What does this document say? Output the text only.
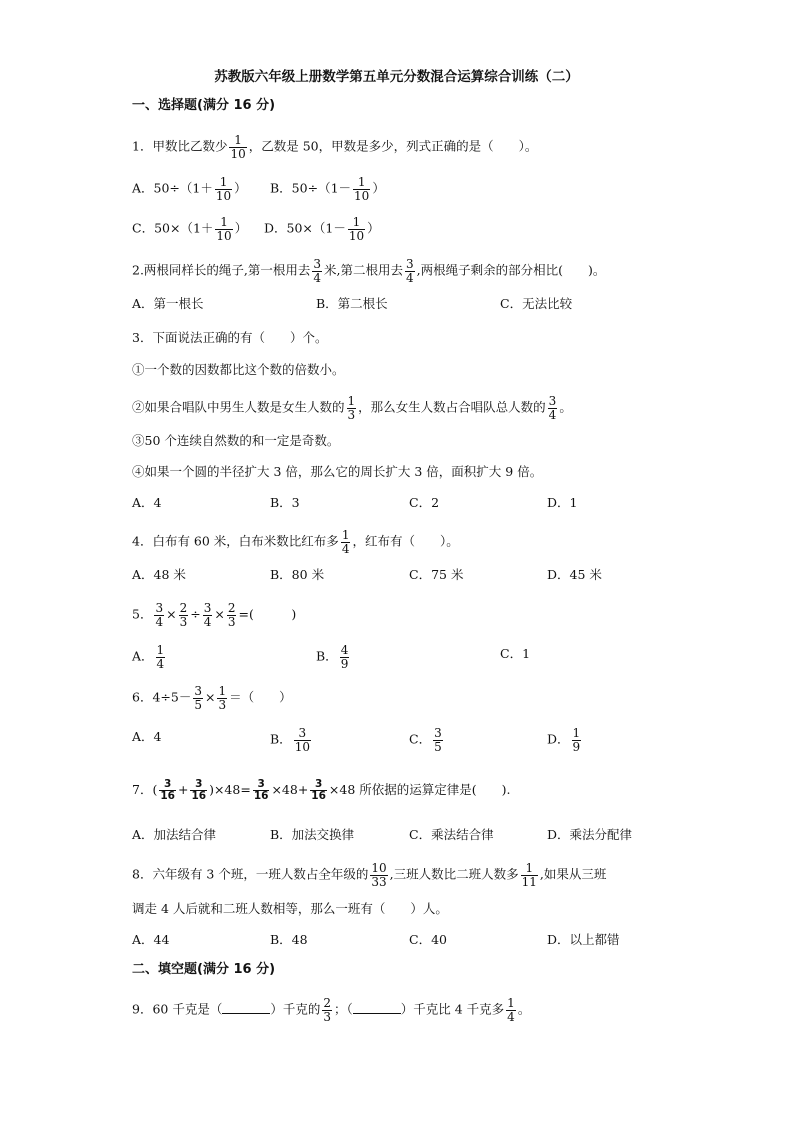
苏教版六年级上册数学第五单元分数混合运算综合训练（二）
一、选择题(满分 16 分)
1．甲数比乙数少 $\frac{1}{10}$ ，乙数是 50，甲数是多少，列式正确的是（　　）。
A．$50\div(1+ \frac{1}{10}$ ） B．$50\div(1- \frac{1}{10}$ ）
C．$50\times(1+ \frac{1}{10}$ ） D．$50\times(1- \frac{1}{10}$ ）
2.两根同样长的绳子,第一根用去 $\frac{3}{4}$ 米,第二根用去 $\frac{3}{4}$ ,两根绳子剩余的部分相比(　　)。
A．第一根长	B．第二根长	C．无法比较
3．下面说法正确的有（　　）个。
①一个数的因数都比这个数的倍数小。
②如果合唱队中男生人数是女生人数的 $\frac{1}{3}$ ，那么女生人数占合唱队总人数的 $\frac{3}{4}$ 。
③50 个连续自然数的和一定是奇数。
④如果一个圆的半径扩大 3 倍，那么它的周长扩大 3 倍，面积扩大 9 倍。
A．4	B．3	C．2	D．1
4．白布有 60 米，白布米数比红布多 $\frac{1}{4}$ ，红布有（　　）。
A．48 米	B．80 米	C．75 米	D．45 米
5． $\frac{3}{4} \times \frac{2}{3} \div \frac{3}{4} \times \frac{2}{3}$ =(　　　)
A． $\frac{1}{4}$	B． $\frac{4}{9}$	C．1
6．$4\div 5- \frac{3}{5} \times \frac{1}{3}$ ＝（　　）
A．4	B． $\frac{3}{10}$	C． $\frac{3}{5}$	D． $\frac{1}{9}$
7．( $\frac{3}{16} + \frac{3}{16} )\times 48= \frac{3}{16} \times 48+ \frac{3}{16} \times 48$ 所依据的运算定律是(　　).
A．加法结合律	B．加法交换律	C．乘法结合律	D．乘法分配律
8．六年级有 3 个班，一班人数占全年级的 $\frac{10}{33}$ ,三班人数比二班人数多 $\frac{1}{11}$ ,如果从三班
调走 4 人后就和二班人数相等，那么一班有（　　）人。
A．44	B．48	C．40	D．以上都错
二、填空题(满分 16 分)
9．60 千克是（	）千克的 $\frac{2}{3}$ ；（	）千克比 4 千克多 $\frac{1}{4}$ 。
